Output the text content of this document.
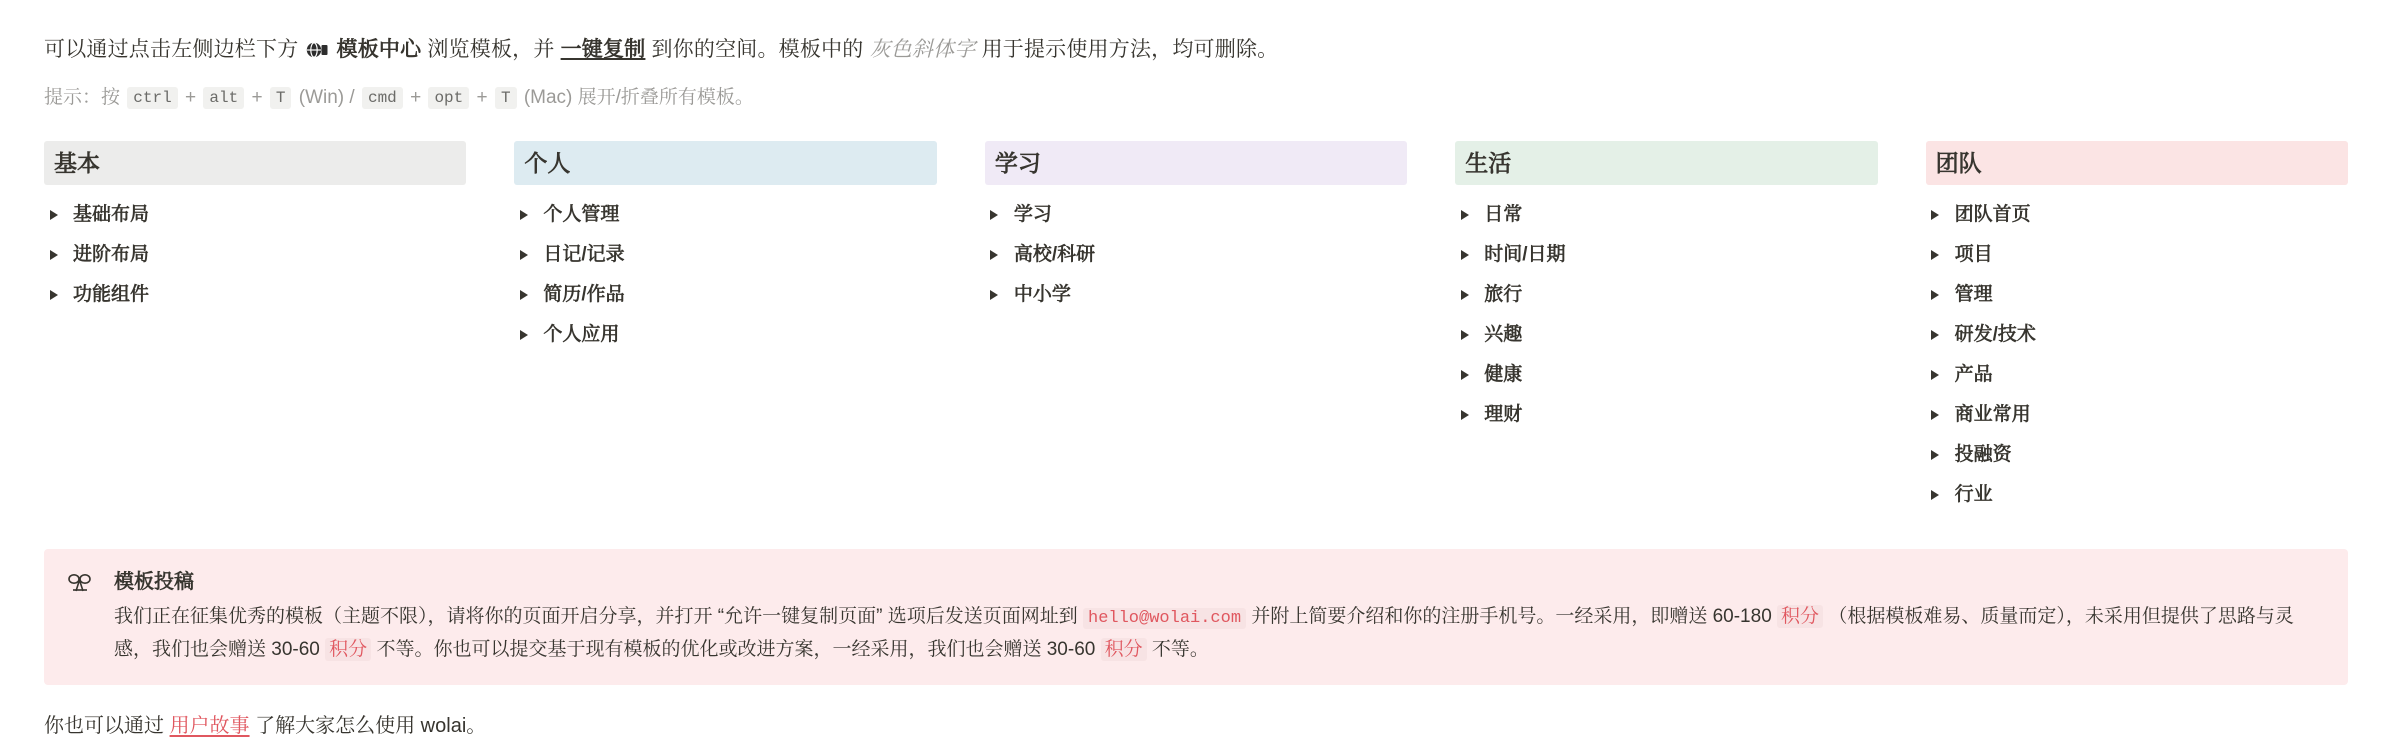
可以通过点击左侧边栏下方 模板中心 浏览模板，并 一键复制 到你的空间。模板中的 灰色斜体字 用于提示使用方法，均可删除。
提示：按 ctrl + alt + T (Win) / cmd + opt + T (Mac) 展开/折叠所有模板。
基本
基础布局
进阶布局
功能组件
个人
个人管理
日记/记录
简历/作品
个人应用
学习
学习
高校/科研
中小学
生活
日常
时间/日期
旅行
兴趣
健康
理财
团队
团队首页
项目
管理
研发/技术
产品
商业常用
投融资
行业
模板投稿
我们正在征集优秀的模板（主题不限），请将你的页面开启分享，并打开 “允许一键复制页面” 选项后发送页面网址到 hello@wolai.com 并附上简要介绍和你的注册手机号。一经采用，即赠送 60-180 积分 （根据模板难易、质量而定），未采用但提供了思路与灵感，我们也会赠送 30-60 积分 不等。你也可以提交基于现有模板的优化或改进方案，一经采用，我们也会赠送 30-60 积分 不等。
你也可以通过 用户故事 了解大家怎么使用 wolai。
